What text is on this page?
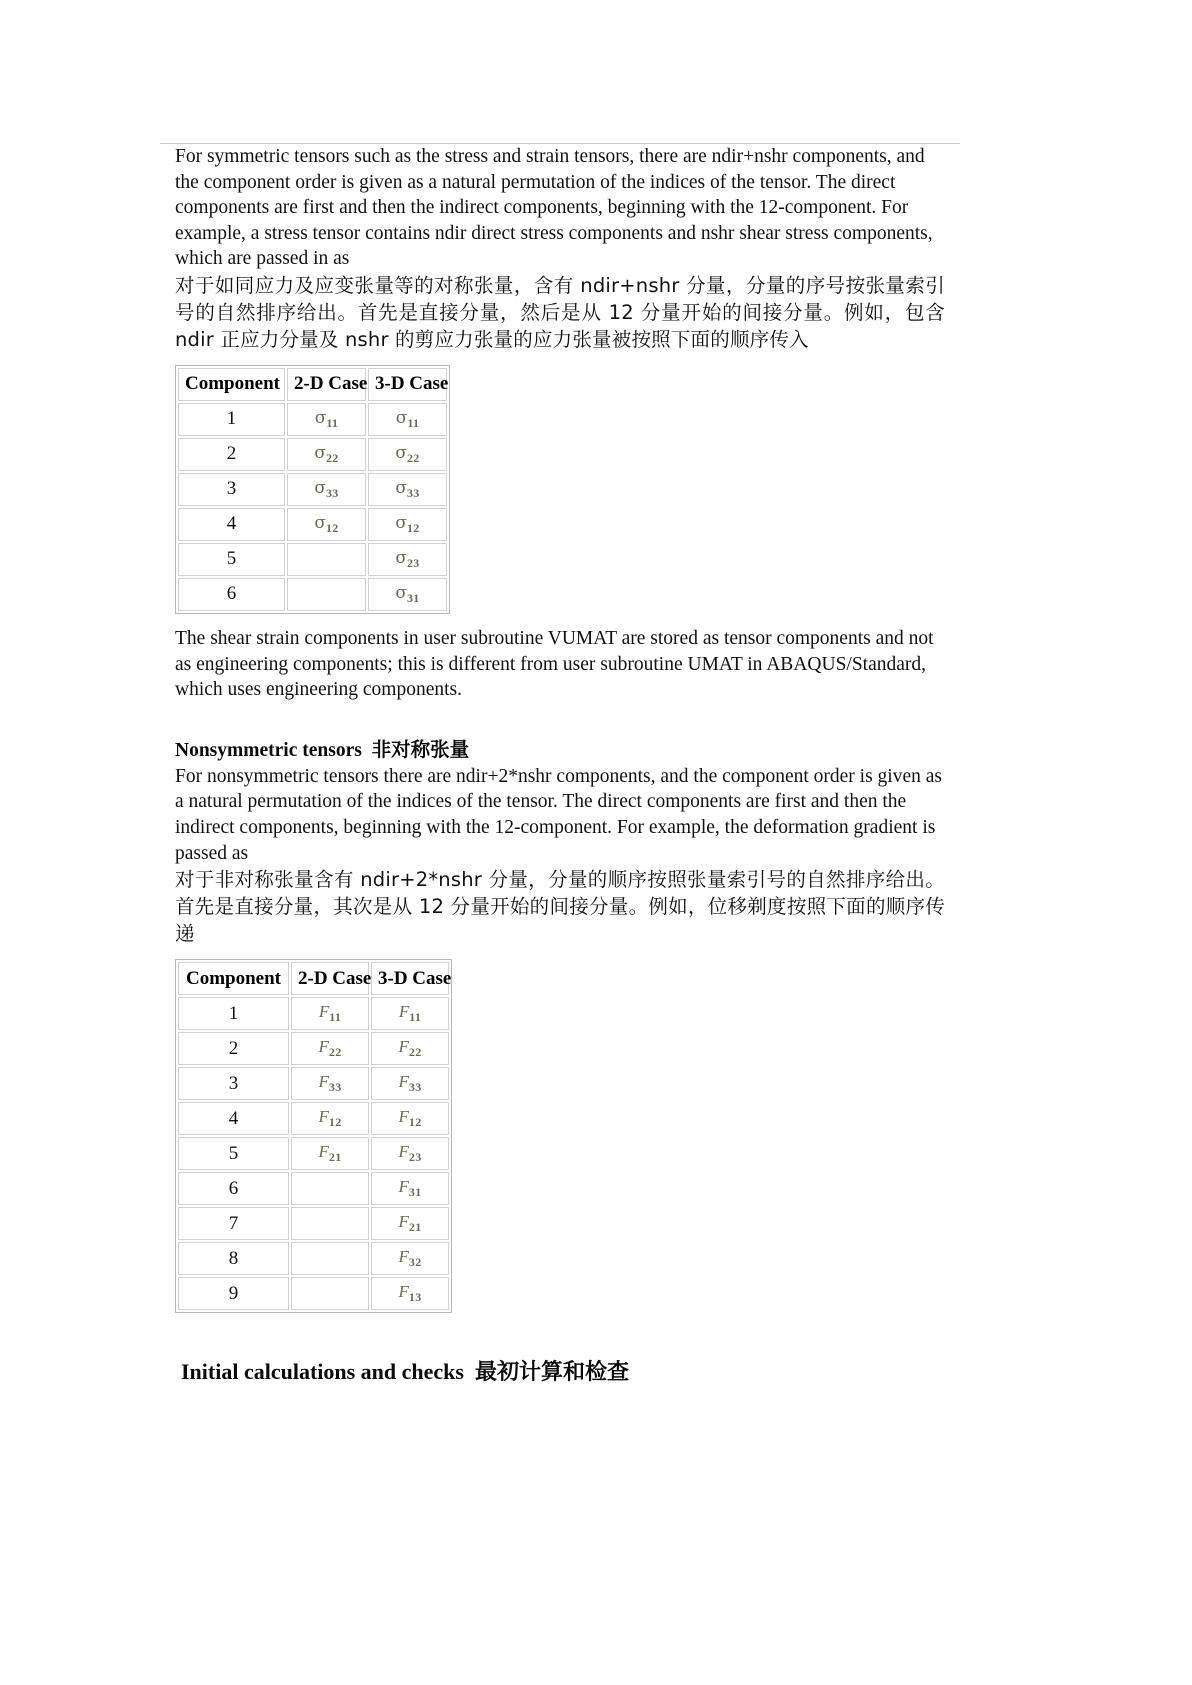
For symmetric tensors such as the stress and strain tensors, there are ndir+nshr components, and the component order is given as a natural permutation of the indices of the tensor. The direct components are first and then the indirect components, beginning with the 12-component. For example, a stress tensor contains ndir direct stress components and nshr shear stress components, which are passed in as

对于如同应力及应变张量等的对称张量，含有 ndir+nshr 分量，分量的序号按张量索引号的自然排序给出。首先是直接分量，然后是从 12 分量开始的间接分量。例如，包含 ndir 正应力分量及 nshr 的剪应力张量的应力张量被按照下面的顺序传入

Component	2-D Case	3-D Case
1	$\sigma_{11}$	$\sigma_{11}$
2	$\sigma_{22}$	$\sigma_{22}$
3	$\sigma_{33}$	$\sigma_{33}$
4	$\sigma_{12}$	$\sigma_{12}$
5		$\sigma_{23}$
6		$\sigma_{31}$

The shear strain components in user subroutine VUMAT are stored as tensor components and not as engineering components; this is different from user subroutine UMAT in ABAQUS/Standard, which uses engineering components.

Nonsymmetric tensors 非对称张量

For nonsymmetric tensors there are ndir+2*nshr components, and the component order is given as a natural permutation of the indices of the tensor. The direct components are first and then the indirect components, beginning with the 12-component. For example, the deformation gradient is passed as

对于非对称张量含有 ndir+2*nshr 分量，分量的顺序按照张量索引号的自然排序给出。首先是直接分量，其次是从 12 分量开始的间接分量。例如，位移剃度按照下面的顺序传递

Component	2-D Case	3-D Case
1	$F_{11}$	$F_{11}$
2	$F_{22}$	$F_{22}$
3	$F_{33}$	$F_{33}$
4	$F_{12}$	$F_{12}$
5	$F_{21}$	$F_{23}$
6		$F_{31}$
7		$F_{21}$
8		$F_{32}$
9		$F_{13}$
Initial calculations and checks 最初计算和检查
